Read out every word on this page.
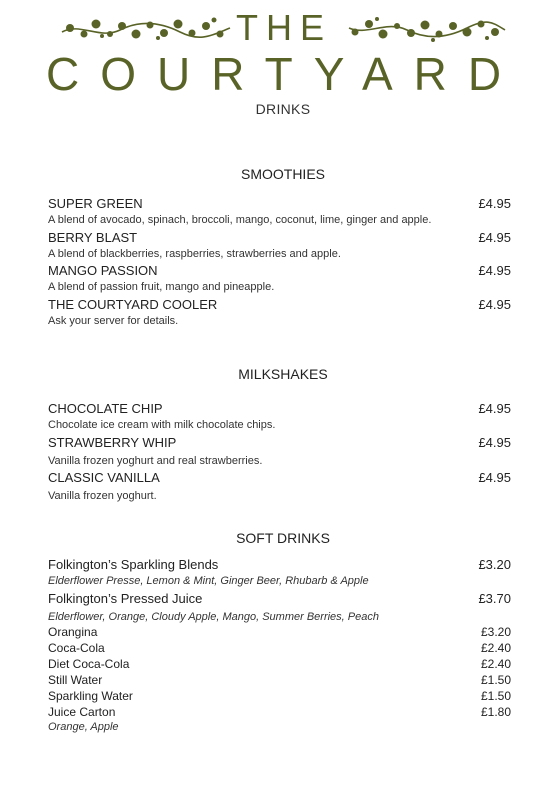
THE
COURTYARD
DRINKS
SMOOTHIES
SUPER GREEN
A blend of avocado, spinach, broccoli, mango, coconut, lime, ginger and apple.
£4.95
BERRY BLAST
A blend of blackberries, raspberries, strawberries and apple.
£4.95
MANGO PASSION
A blend of passion fruit, mango and pineapple.
£4.95
THE COURTYARD COOLER
Ask your server for details.
£4.95
MILKSHAKES
CHOCOLATE CHIP
Chocolate ice cream with milk chocolate chips.
£4.95
STRAWBERRY WHIP
Vanilla frozen yoghurt and real strawberries.
£4.95
CLASSIC VANILLA
Vanilla frozen yoghurt.
£4.95
SOFT DRINKS
Folkington’s Sparkling Blends
Elderflower Presse, Lemon & Mint, Ginger Beer, Rhubarb & Apple
£3.20
Folkington’s Pressed Juice
Elderflower, Orange, Cloudy Apple, Mango, Summer Berries, Peach
£3.70
Orangina	£3.20
Coca-Cola	£2.40
Diet Coca-Cola	£2.40
Still Water	£1.50
Sparkling Water	£1.50
Juice Carton	£1.80
Orange, Apple
